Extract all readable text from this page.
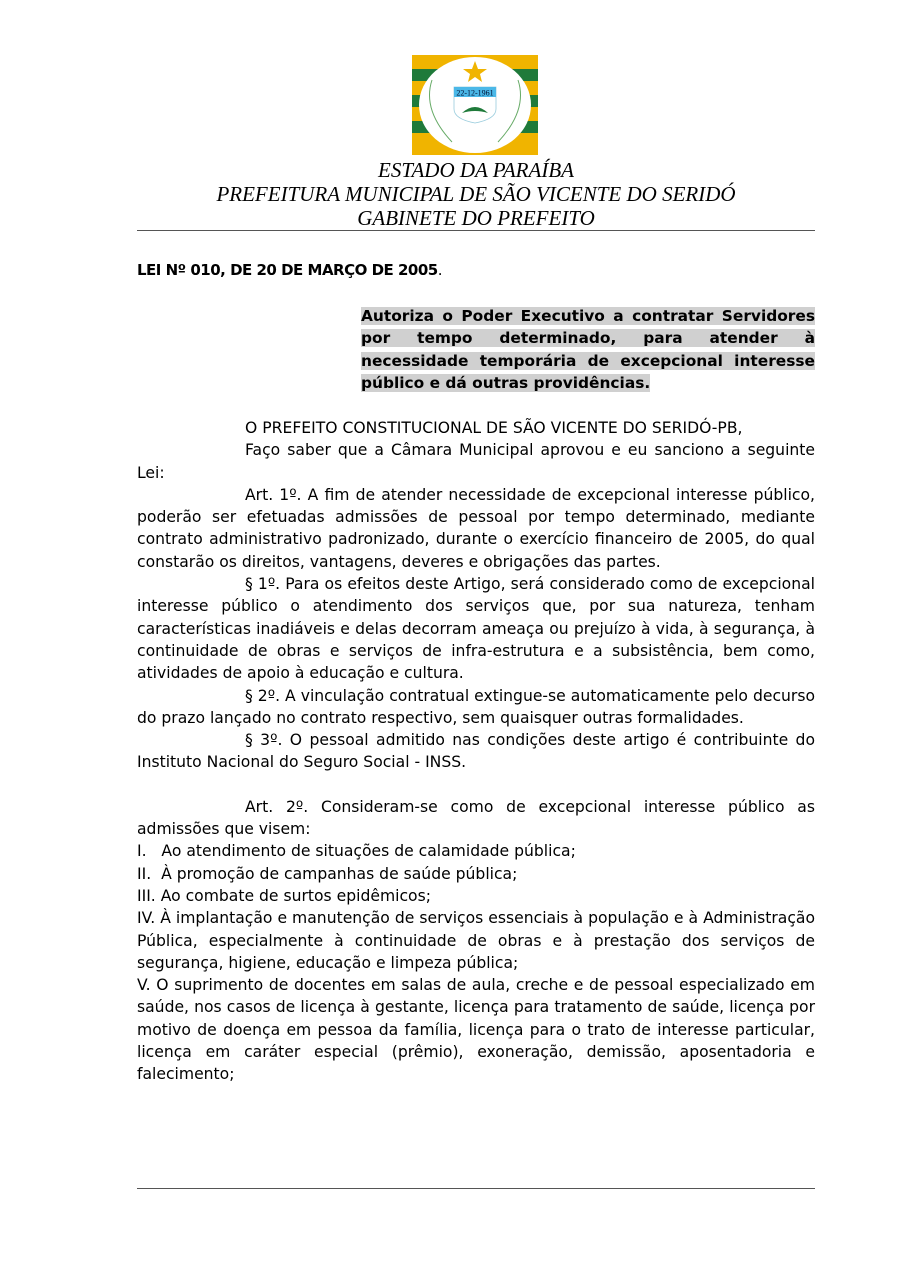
22-12-1961
ESTADO DA PARAÍBA
PREFEITURA MUNICIPAL DE SÃO VICENTE DO SERIDÓ
GABINETE DO PREFEITO
LEI Nº 010, DE 20 DE MARÇO DE 2005.
Autoriza o Poder Executivo a contratar Servidores por tempo determinado, para atender à necessidade temporária de excepcional interesse público e dá outras providências.

O PREFEITO CONSTITUCIONAL DE SÃO VICENTE DO SERIDÓ-PB,

Faço saber que a Câmara Municipal aprovou e eu sanciono a seguinte Lei:

Art. 1º. A fim de atender necessidade de excepcional interesse público, poderão ser efetuadas admissões de pessoal por tempo determinado, mediante contrato administrativo padronizado, durante o exercício financeiro de 2005, do qual constarão os direitos, vantagens, deveres e obrigações das partes.

§ 1º. Para os efeitos deste Artigo, será considerado como de excepcional interesse público o atendimento dos serviços que, por sua natureza, tenham características inadiáveis e delas decorram ameaça ou prejuízo à vida, à segurança, à continuidade de obras e serviços de infra-estrutura e a subsistência, bem como, atividades de apoio à educação e cultura.

§ 2º. A vinculação contratual extingue-se automaticamente pelo decurso do prazo lançado no contrato respectivo, sem quaisquer outras formalidades.

§ 3º. O pessoal admitido nas condições deste artigo é contribuinte do Instituto Nacional do Seguro Social - INSS.

Art. 2º. Consideram-se como de excepcional interesse público as admissões que visem:

I.   Ao atendimento de situações de calamidade pública;

II.  À promoção de campanhas de saúde pública;

III. Ao combate de surtos epidêmicos;

IV. À implantação e manutenção de serviços essenciais à população e à Administração Pública, especialmente à continuidade de obras e à prestação dos serviços de segurança, higiene, educação e limpeza pública;

V. O suprimento de docentes em salas de aula, creche e de pessoal especializado em saúde, nos casos de licença à gestante, licença para tratamento de saúde, licença por motivo de doença em pessoa da família, licença para o trato de interesse particular, licença em caráter especial (prêmio), exoneração, demissão, aposentadoria e falecimento;
